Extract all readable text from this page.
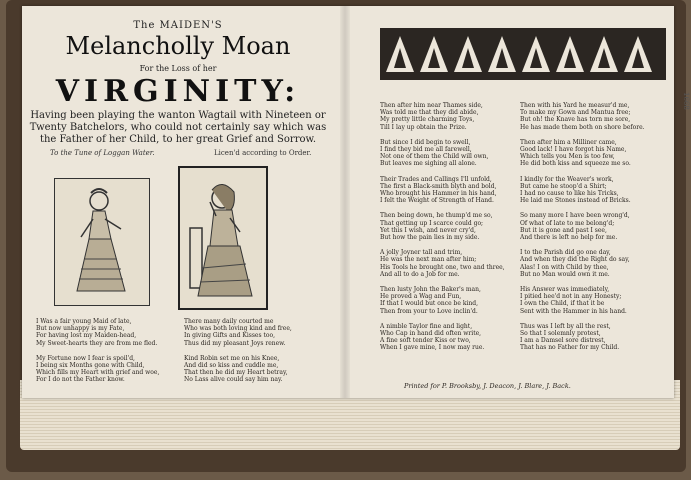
The MAIDEN'S
Melancholly Moan
For the Loss of her
VIRGINITY:
Having been playing the wanton Wagtail with Nineteen or Twenty Batchelors, who could not certainly say which was the Father of her Child, to her great Grief and Sorrow.
To the Tune of Loggan Water.	Licen'd according to Order.
I Was a fair young Maid of late,
But now unhappy is my Fate,
For having lost my Maiden-head,
My Sweet-hearts they are from me fled.
My Fortune now I fear is spoil'd,
I being six Months gone with Child,
Which fills my Heart with grief and woe,
For I do not the Father know.
There many daily courted me
Who was both loving kind and free,
In giving Gifts and Kisses too,
Thus did my pleasant Joys renew.
Kind Robin set me on his Knee,
And did so kiss and cuddle me,
That then he did my Heart betray,
No Lass alive could say him nay.
Then after him near Thames side,
Was told me that they did abide,
My pretty little charming Toys,
Till I lay up obtain the Prize.
But since I did begin to swell,
I find they bid me all farewell,
Not one of them the Child will own,
But leaves me sighing all alone.
Their Trades and Callings I'll unfold,
The first a Black-smith blyth and bold,
Who brought his Hammer in his hand,
I felt the Weight of Strength of Hand.
Then being down, he thump'd me so,
That getting up I scarce could go;
Yet this I wish, and never cry'd,
But how the pain lies in my side.
A jolly Joyner tall and trim,
He was the next man after him;
His Tools he brought one, two and three,
And all to do a Job for me.
Then lusty John the Baker's man,
He proved a Wag and Fun,
If that I would but once be kind,
Then from your to Love inclin'd.
A nimble Taylor fine and light,
Who Cap in hand did often write,
A fine soft tender Kiss or two,
When I gave mine, I now may rue.
Then with his Yard he measur'd me,
To make my Gown and Mantua free;
But oh! the Knave has torn me sore,
He has made them both on shore before.
Then after him a Milliner came,
Good lack! I have forgot his Name,
Which tells you Men is too few,
He did both kiss and squeeze me so.
I kindly for the Weaver's work,
But came he stoop'd a Shirt;
I had no cause to like his Tricks,
He laid me Stones instead of Bricks.
So many more I have been wrong'd,
Of what of late to me belong'd;
But it is gone and past I see,
And there is left no help for me.
I to the Parish did go one day,
And when they did the Right do say,
Alas! I on with Child by thee,
But no Man would own it me.
His Answer was immediately,
I pitied hee'd not in any Honesty;
I own the Child, if that it be
Sent with the Hammer in his hand.
Thus was I left by all the rest,
So that I solemnly protest,
I am a Damsel sore distrest,
That has no Father for my Child.
Printed for P. Brooksby, J. Deacon, J. Blare, J. Back.
1668
